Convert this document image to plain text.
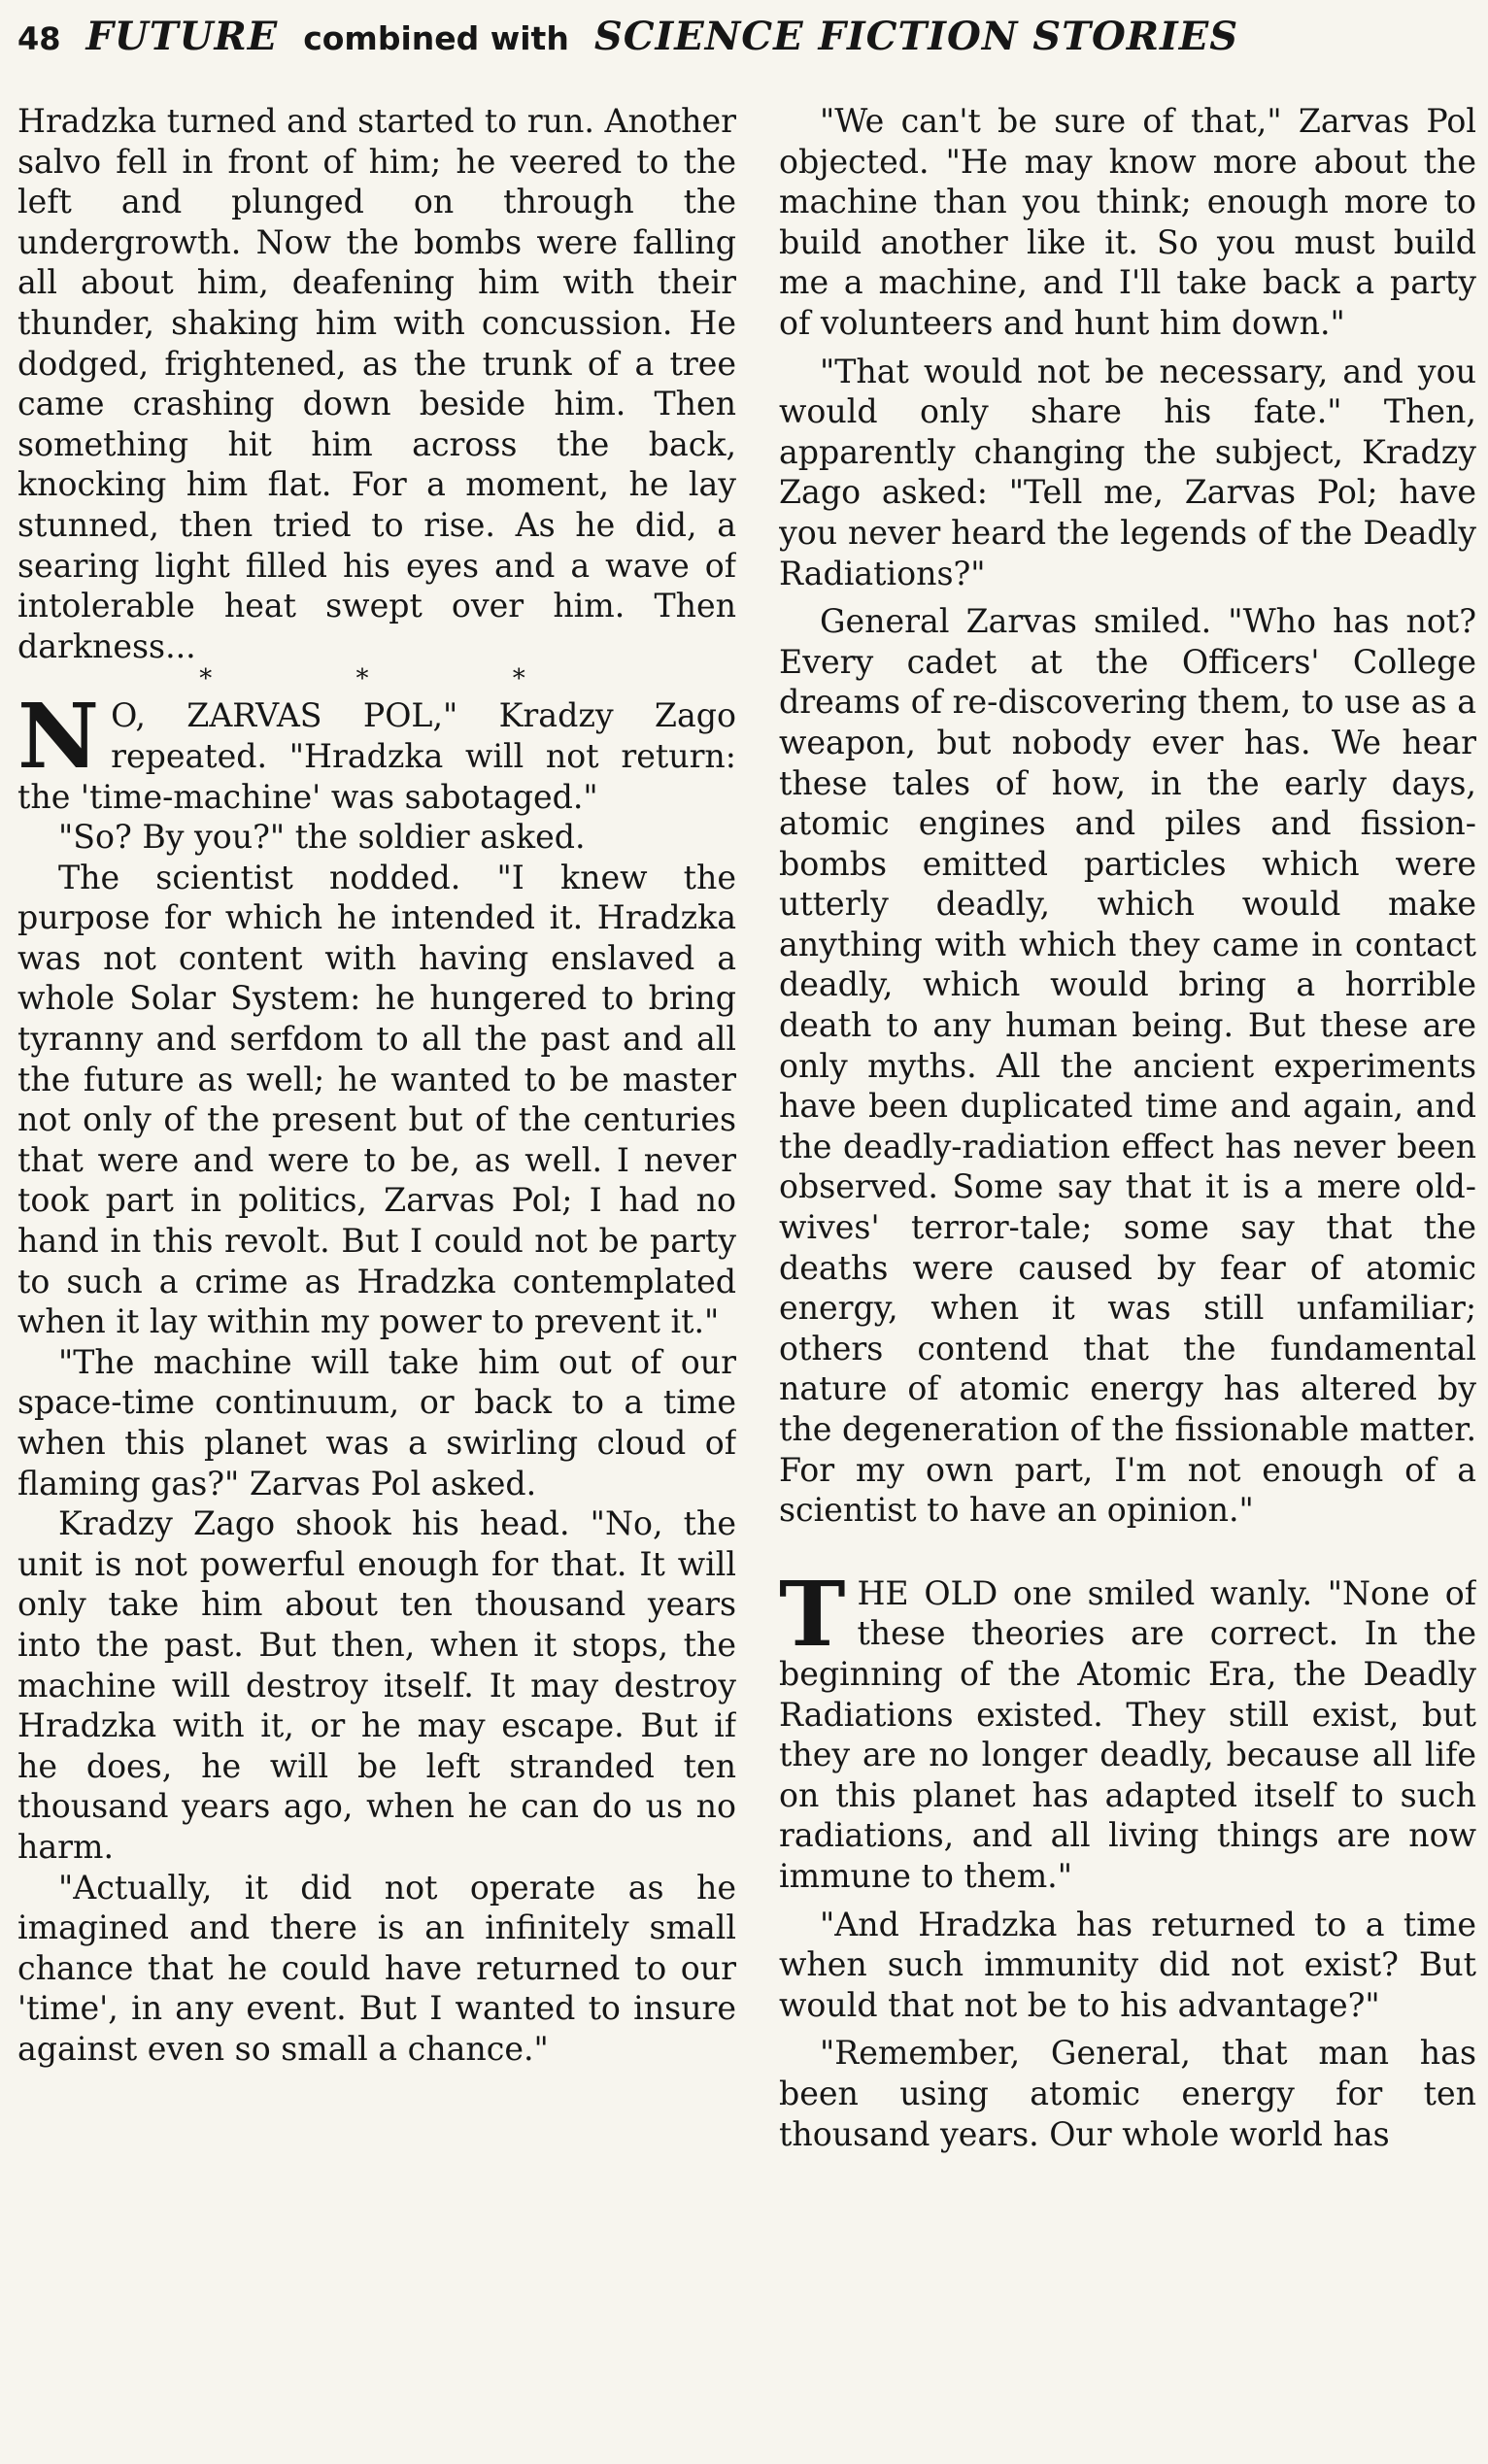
48 FUTURE combined with SCIENCE FICTION STORIES

Hradzka turned and started to run. Another salvo fell in front of him; he veered to the left and plunged on through the undergrowth. Now the bombs were falling all about him, deafening him with their thunder, shaking him with concussion. He dodged, frightened, as the trunk of a tree came crashing down beside him. Then something hit him across the back, knocking him flat. For a moment, he lay stunned, then tried to rise. As he did, a searing light filled his eyes and a wave of intolerable heat swept over him. Then darkness...

* * *

N O, ZARVAS POL," Kradzy Zago repeated. "Hradzka will not return: the 'time-machine' was sabotaged."

"So? By you?" the soldier asked.

The scientist nodded. "I knew the purpose for which he intended it. Hradzka was not content with having enslaved a whole Solar System: he hungered to bring tyranny and serfdom to all the past and all the future as well; he wanted to be master not only of the present but of the centuries that were and were to be, as well. I never took part in politics, Zarvas Pol; I had no hand in this revolt. But I could not be party to such a crime as Hradzka contemplated when it lay within my power to prevent it."

"The machine will take him out of our space-time continuum, or back to a time when this planet was a swirling cloud of flaming gas?" Zarvas Pol asked.

Kradzy Zago shook his head. "No, the unit is not powerful enough for that. It will only take him about ten thousand years into the past. But then, when it stops, the machine will destroy itself. It may destroy Hradzka with it, or he may escape. But if he does, he will be left stranded ten thousand years ago, when he can do us no harm.

"Actually, it did not operate as he imagined and there is an infinitely small chance that he could have returned to our 'time', in any event. But I wanted to insure against even so small a chance."

"We can't be sure of that," Zarvas Pol objected. "He may know more about the machine than you think; enough more to build another like it. So you must build me a machine, and I'll take back a party of volunteers and hunt him down."

"That would not be necessary, and you would only share his fate." Then, apparently changing the subject, Kradzy Zago asked: "Tell me, Zarvas Pol; have you never heard the legends of the Deadly Radiations?"

General Zarvas smiled. "Who has not? Every cadet at the Officers' College dreams of re-discovering them, to use as a weapon, but nobody ever has. We hear these tales of how, in the early days, atomic engines and piles and fission-bombs emitted particles which were utterly deadly, which would make anything with which they came in contact deadly, which would bring a horrible death to any human being. But these are only myths. All the ancient experiments have been duplicated time and again, and the deadly-radiation effect has never been observed. Some say that it is a mere old-wives' terror-tale; some say that the deaths were caused by fear of atomic energy, when it was still unfamiliar; others contend that the fundamental nature of atomic energy has altered by the degeneration of the fissionable matter. For my own part, I'm not enough of a scientist to have an opinion."

THE OLD one smiled wanly. "None of these theories are correct. In the beginning of the Atomic Era, the Deadly Radiations existed. They still exist, but they are no longer deadly, because all life on this planet has adapted itself to such radiations, and all living things are now immune to them."

"And Hradzka has returned to a time when such immunity did not exist? But would that not be to his advantage?"

"Remember, General, that man has been using atomic energy for ten thousand years. Our whole world has
